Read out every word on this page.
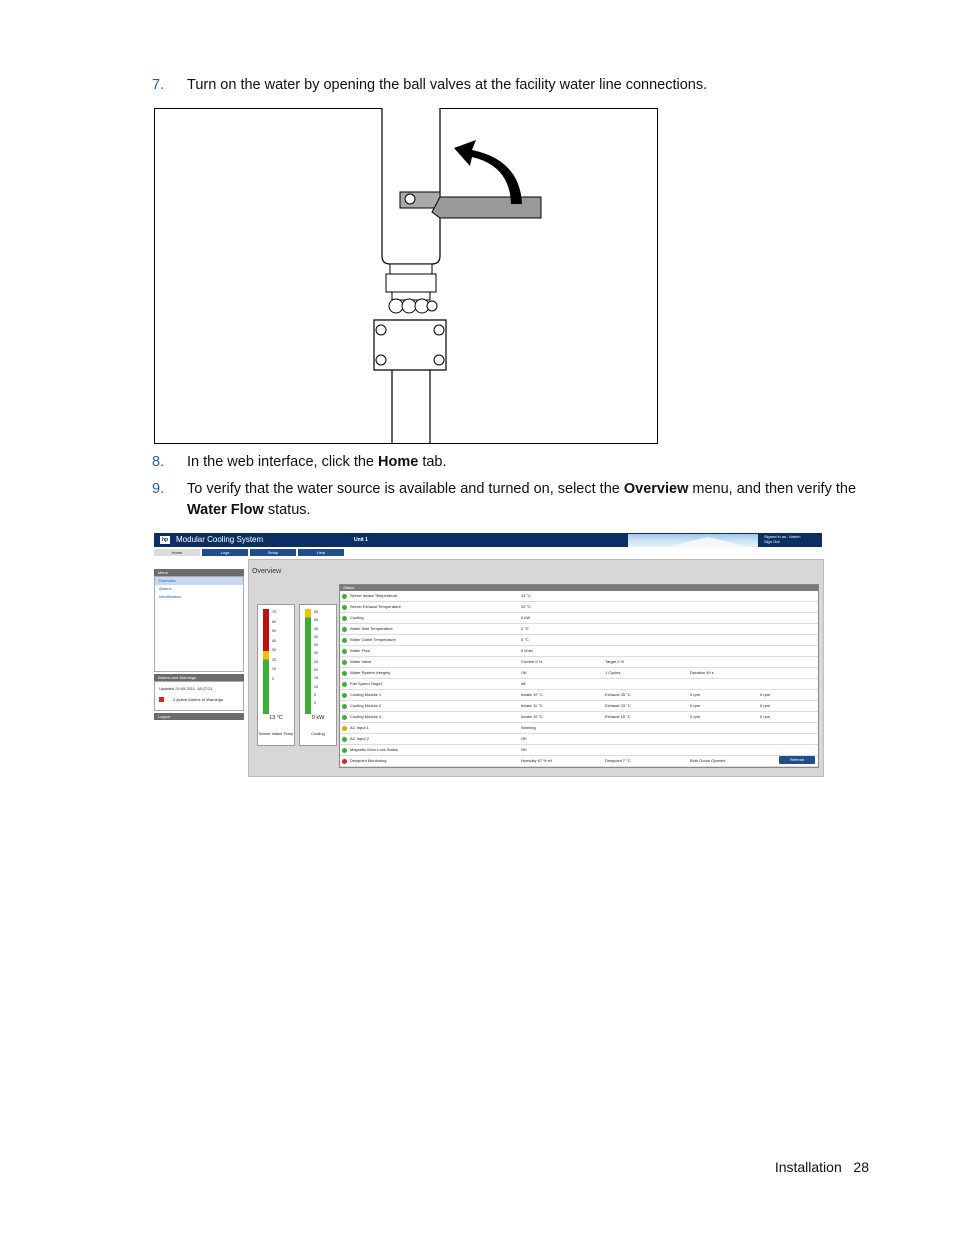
7. Turn on the water by opening the ball valves at the facility water line connections.
8. In the web interface, click the Home tab.
9. To verify that the water source is available and turned on, select the Overview menu, and then verify the Water Flow status.
hp Modular Cooling System	Unit 1
Signed in as : Admin
Sign Out
Home	Logs	Setup	Help
Menu
Overview
Alarms
Identification
Alarms and Warnings
Updated 24.09.2011, 18:27:21
2 Active Alarms or Warnings
Logout
Overview
70
60
50
40
30
20
10
0
13 °C
Server Intake Temp
55
50
45
40
35
30
25
20
15
10
5
0
0 kW
Cooling
Status
Server Intake Temperature	13 °C
Server Exhaust Temperature	22 °C
Cooling	0 kW
Water Inlet Temperature	0 °C
Water Outlet Temperature	0 °C
Water Flow	0 l/min
Water Valve	Current 0 %	Target 0 %
Water System Integrity	OK	1 Cycles	Duration 49 s
Fan Speed Target	off
Cooling Module 1	Intake 19 °C	Exhaust 25 °C	0 rpm	0 rpm
Cooling Module 2	Intake 11 °C	Exhaust 23 °C	0 rpm	0 rpm
Cooling Module 3	Intake 19 °C	Exhaust 19 °C	0 rpm	0 rpm
AC Input 1	Warning
AC Input 2	OK
Magnetic Door Lock Status	OK
Dewpoint Monitoring	Humidity 67 % rH	Dewpoint 7 °C	Both Doors Opened	Refresh
Installation 28
